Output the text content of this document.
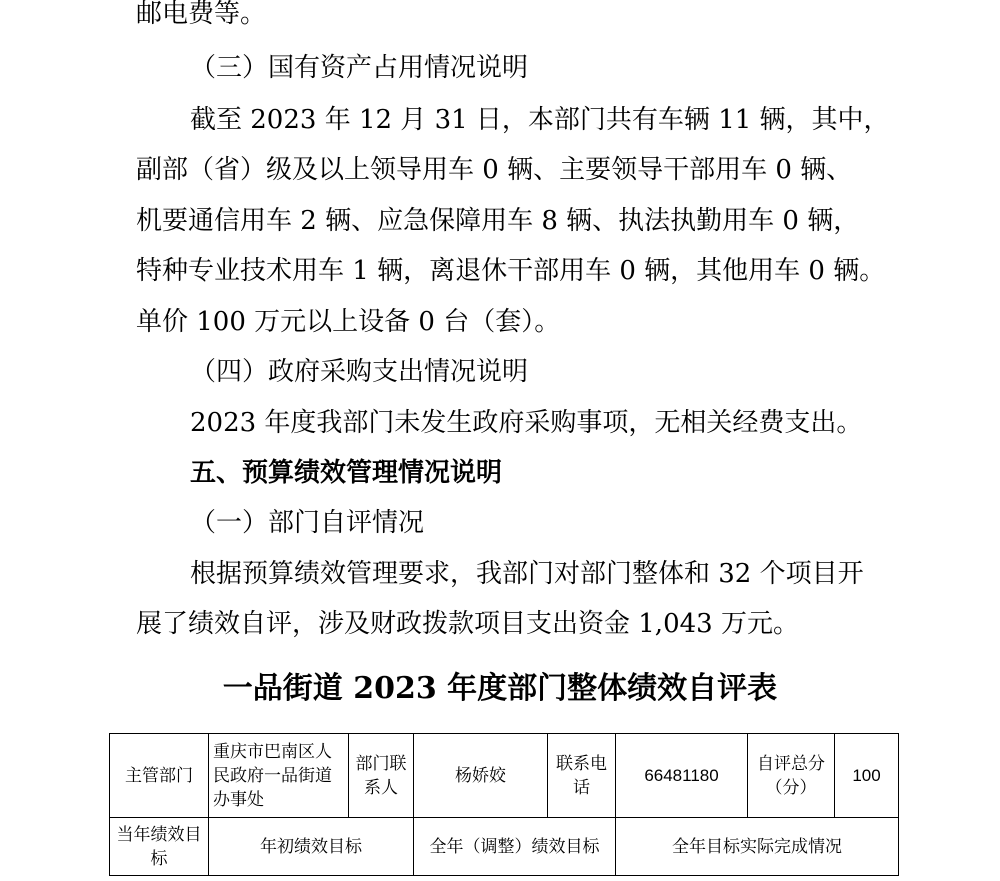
邮电费等。
（三）国有资产占用情况说明
截至 2023 年 12 月 31 日，本部门共有车辆 11 辆，其中，
副部（省）级及以上领导用车 0 辆、主要领导干部用车 0 辆、
机要通信用车 2 辆、应急保障用车 8 辆、执法执勤用车 0 辆，
特种专业技术用车 1 辆，离退休干部用车 0 辆，其他用车 0 辆。
单价 100 万元以上设备 0 台（套）。
（四）政府采购支出情况说明
2023 年度我部门未发生政府采购事项，无相关经费支出。
五、预算绩效管理情况说明
（一）部门自评情况
根据预算绩效管理要求，我部门对部门整体和 32 个项目开
展了绩效自评，涉及财政拨款项目支出资金 1,043 万元。
一品街道 2023 年度部门整体绩效自评表
主管部门	重庆市巴南区人民政府一品街道办事处	部门联系人	杨娇姣	联系电话	66481180	自评总分（分）	100
当年绩效目标	年初绩效目标		全年（调整）绩效目标		全年目标实际完成情况		
